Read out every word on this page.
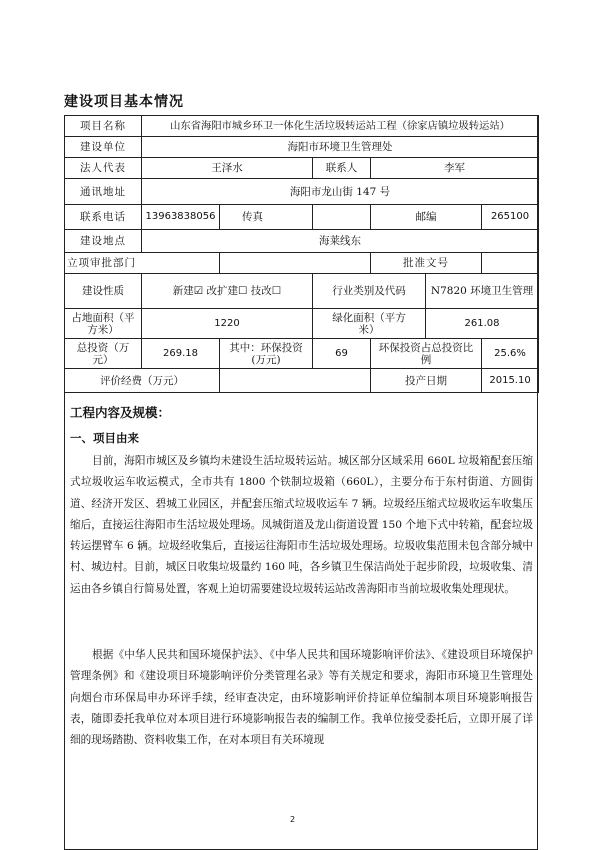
建设项目基本情况
项目名称	山东省海阳市城乡环卫一体化生活垃圾转运站工程（徐家店镇垃圾转运站）					
建设单位	海阳市环境卫生管理处					
法人代表	王泽水		联系人	李军		
通讯地址	海阳市龙山街 147 号					
联系电话	13963838056	传真		邮编		265100
建设地点	海莱线东					
立项审批部门				批准文号		
建设性质	新建☑ 改扩建☐ 技改☐		行业类别及代码		N7820 环境卫生管理	
占地面积（平方米）	1220		绿化面积（平方米）		261.08	
总投资（万元）	269.18	其中：环保投资(万元)	69	环保投资占总投资比例		25.6%
评价经费（万元）				投产日期		2015.10
工程内容及规模：
一、项目由来

目前，海阳市城区及乡镇均未建设生活垃圾转运站。城区部分区域采用 660L 垃圾箱配套压缩式垃圾收运车收运模式，全市共有 1800 个铁制垃圾箱（660L），主要分布于东村街道、方圆街道、经济开发区、碧城工业园区，并配套压缩式垃圾收运车 7 辆。垃圾经压缩式垃圾收运车收集压缩后，直接运往海阳市生活垃圾处理场。凤城街道及龙山街道设置 150 个地下式中转箱，配套垃圾转运摆臂车 6 辆。垃圾经收集后，直接运往海阳市生活垃圾处理场。垃圾收集范围未包含部分城中村、城边村。目前，城区日收集垃圾量约 160 吨，各乡镇卫生保洁尚处于起步阶段，垃圾收集、清运由各乡镇自行简易处置，客观上迫切需要建设垃圾转运站改善海阳市当前垃圾收集处理现状。

根据《中华人民共和国环境保护法》、《中华人民共和国环境影响评价法》、《建设项目环境保护管理条例》和《建设项目环境影响评价分类管理名录》等有关规定和要求，海阳市环境卫生管理处向烟台市环保局申办环评手续，经审查决定，由环境影响评价持证单位编制本项目环境影响报告表，随即委托我单位对本项目进行环境影响报告表的编制工作。我单位接受委托后，立即开展了详细的现场踏勘、资料收集工作，在对本项目有关环境现

2
